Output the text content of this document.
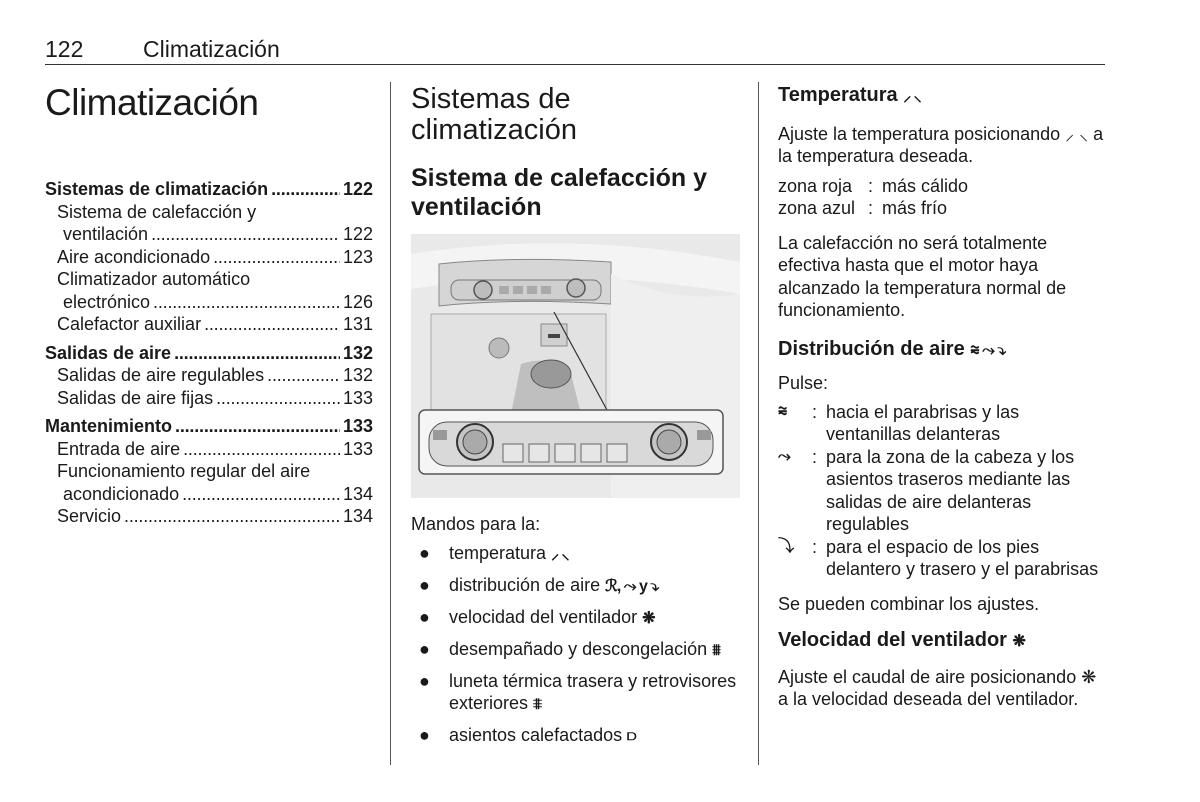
122	Climatización
Climatización
Sistemas de climatización . . .	122
Sistema de calefacción y
ventilación . . .	122
Aire acondicionado . . .	123
Climatizador automático
electrónico . . .	126
Calefactor auxiliar . . .	131
Salidas de aire . . .	132
Salidas de aire regulables . . .	132
Salidas de aire fijas . . .	133
Mantenimiento . . .	133
Entrada de aire . . .	133
Funcionamiento regular del aire
acondicionado . . .	134
Servicio . . .	134
Sistemas de climatización
Sistema de calefacción y ventilación
Mandos para la:
● temperatura ⸝ ⸜
● distribución de aire ℛ, ⤳ y ⤵
● velocidad del ventilador ❋
● desempañado y descongelación ⩩
● luneta térmica trasera y retrovisores exteriores ⩨
● asientos calefactados ⫐
Temperatura ⸝ ⸜
Ajuste la temperatura posicionando ⸝ ⸜ a la temperatura deseada.
zona roja : más cálido
zona azul : más frío
La calefacción no será totalmente efectiva hasta que el motor haya alcanzado la temperatura normal de funcionamiento.
Distribución de aire ⩬ ⤳ ⤵
Pulse:
⩬	: hacia el parabrisas y las ventanillas delanteras
⤳	: para la zona de la cabeza y los asientos traseros mediante las salidas de aire delanteras regulables
⤵	: para el espacio de los pies delantero y trasero y el parabrisas
Se pueden combinar los ajustes.
Velocidad del ventilador ❋
Ajuste el caudal de aire posicionando ❋ a la velocidad deseada del ventilador.
